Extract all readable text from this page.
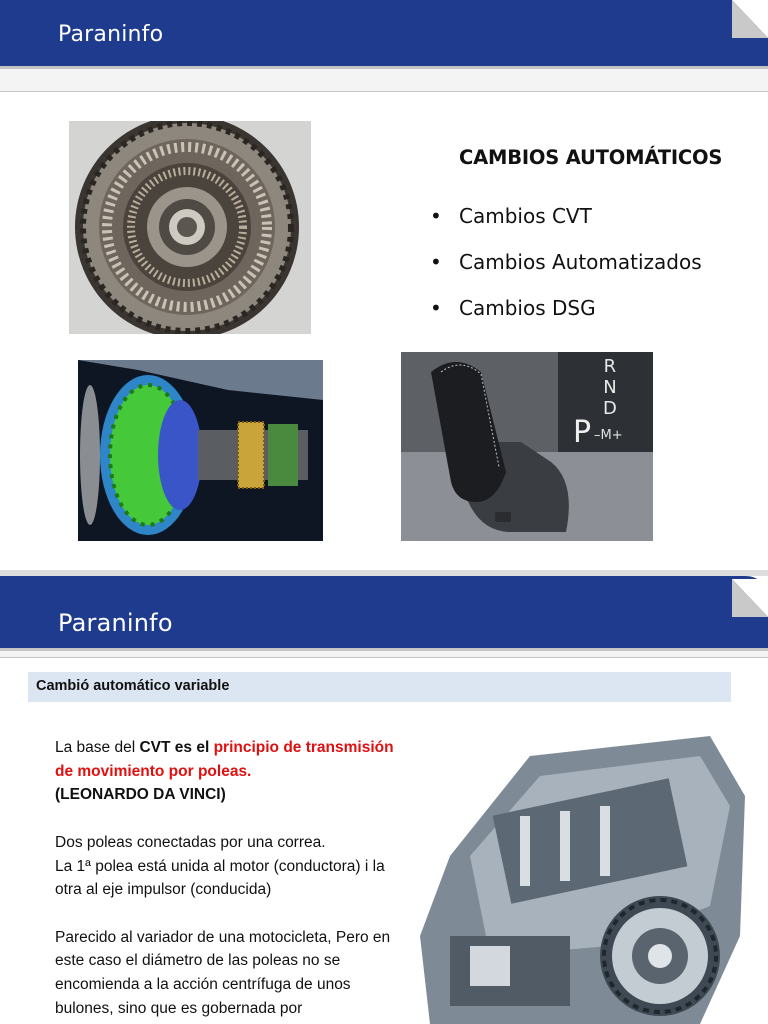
Paraninfo
CAMBIOS AUTOMÁTICOS
• Cambios CVT
• Cambios Automatizados
• Cambios DSG
R
N
D
P –M+
Paraninfo
Cambió automático variable

La base del CVT es el principio de transmisión de movimiento por poleas.
(LEONARDO DA VINCI)

Dos poleas conectadas por una correa.
La 1ª polea está unida al motor (conductora) i la otra al eje impulsor (conducida)

Parecido al variador de una motocicleta, Pero en este caso el diámetro de las poleas no se encomienda a la acción centrífuga de unos bulones, sino que es gobernada por
